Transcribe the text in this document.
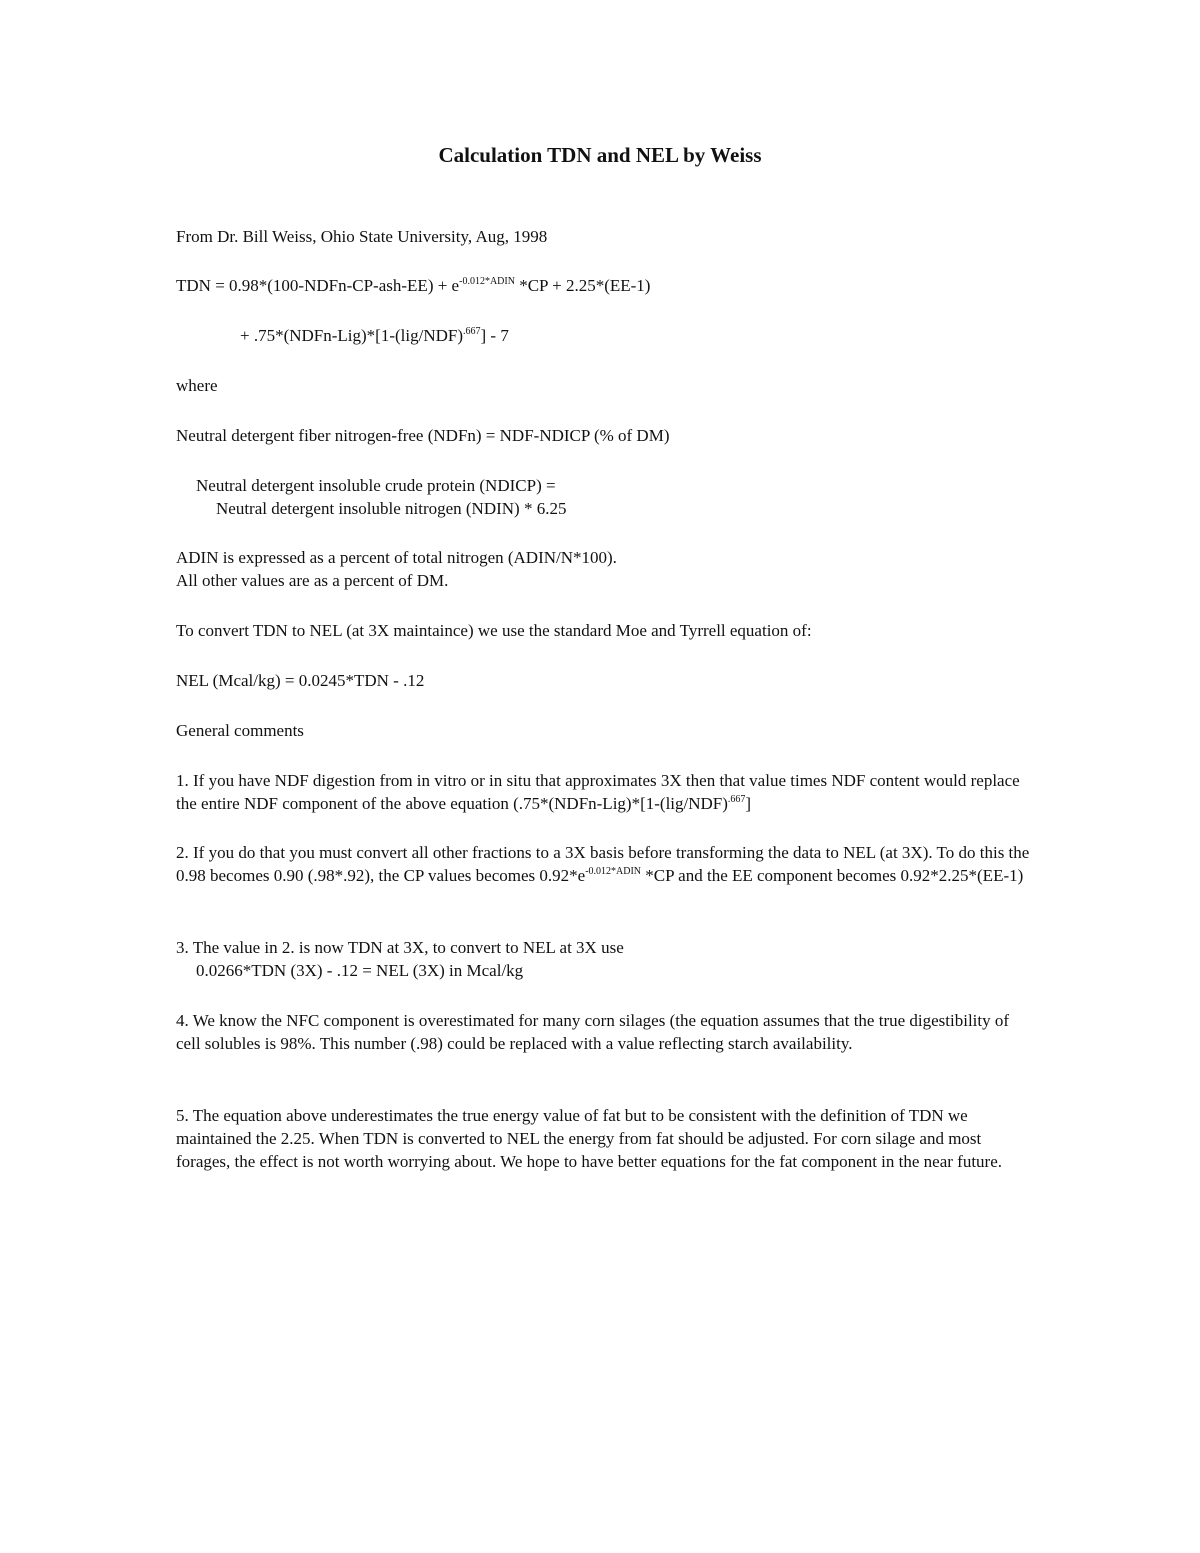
Calculation TDN and NEL by Weiss
From Dr. Bill Weiss, Ohio State University, Aug, 1998
TDN = 0.98*(100-NDFn-CP-ash-EE) + $e^{-0.012*ADIN}$ *CP + 2.25*(EE-1)
+ $.75*(NDFn-Lig)*[1-(lig/NDF)^{.667}] - 7$
where
Neutral detergent fiber nitrogen-free (NDFn) = NDF-NDICP (% of DM)
Neutral detergent insoluble crude protein (NDICP) =
Neutral detergent insoluble nitrogen (NDIN) * 6.25
ADIN is expressed as a percent of total nitrogen (ADIN/N*100).
All other values are as a percent of DM.
To convert TDN to NEL (at 3X maintaince) we use the standard Moe and Tyrrell equation of:
NEL (Mcal/kg) = 0.0245*TDN - .12
General comments

1. If you have NDF digestion from in vitro or in situ that approximates 3X then that value times NDF content would replace the entire NDF component of the above equation ($.75*(NDFn-Lig)*[1-(lig/NDF)^{.667}]$

2. If you do that you must convert all other fractions to a 3X basis before transforming the data to NEL (at 3X). To do this the 0.98 becomes 0.90 (.98*.92), the CP values becomes $0.92*e^{-0.012*ADIN}$ *CP and the EE component becomes 0.92*2.25*(EE-1)

3. The value in 2. is now TDN at 3X, to convert to NEL at 3X use
0.0266*TDN (3X) - .12 = NEL (3X) in Mcal/kg

4. We know the NFC component is overestimated for many corn silages (the equation assumes that the true digestibility of cell solubles is 98%. This number (.98) could be replaced with a value reflecting starch availability.

5. The equation above underestimates the true energy value of fat but to be consistent with the definition of TDN we maintained the 2.25. When TDN is converted to NEL the energy from fat should be adjusted. For corn silage and most forages, the effect is not worth worrying about. We hope to have better equations for the fat component in the near future.
